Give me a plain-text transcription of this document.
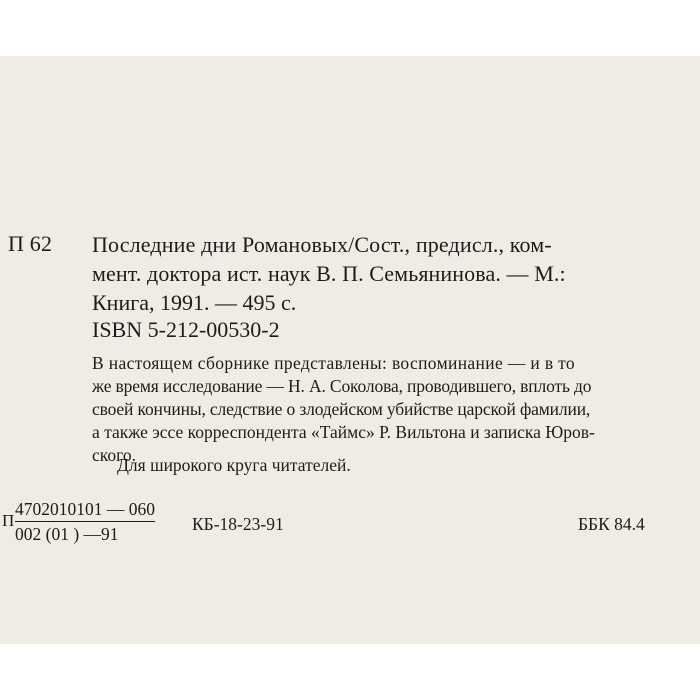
П 62 Последние дни Романовых/Сост., предисл., ком-
мент. доктора ист. наук В. П. Семьянинова. — М.:
Книга, 1991. — 495 с.
ISBN 5-212-00530-2
В настоящем сборнике представлены: воспоминание — и в то
же время исследование — Н. А. Соколова, проводившего, вплоть до
своей кончины, следствие о злодейском убийстве царской фамилии,
а также эссе корреспондента «Таймс» Р. Вильтона и записка Юров-
ского.
Для широкого круга читателей.
П
4702010101 — 060
002 (01 ) —91	КБ-18-23-91	ББК 84.4
